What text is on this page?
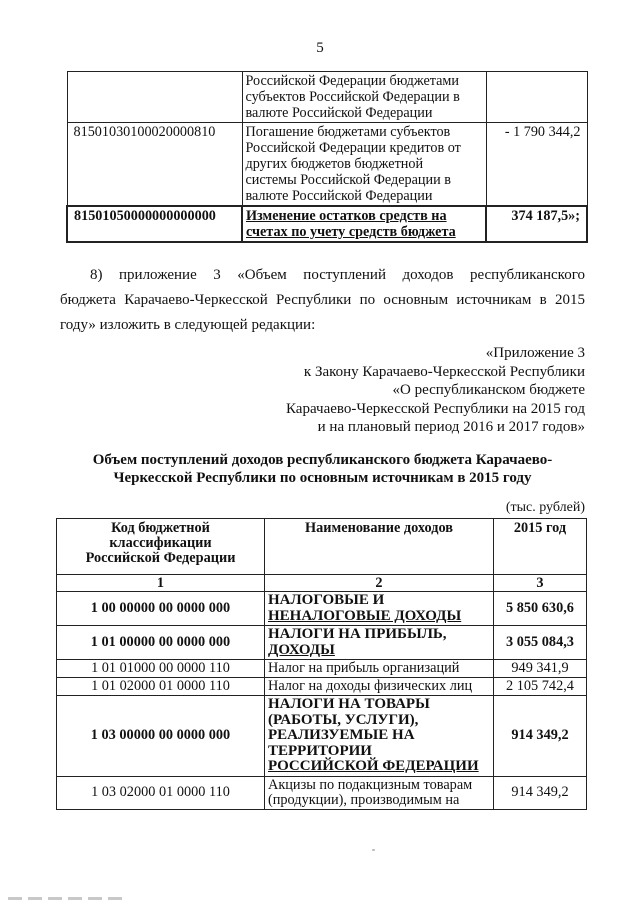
5

	Российской Федерации бюджетами
субъектов Российской Федерации в
валюте Российской Федерации	

81501030100020000810	Погашение бюджетами субъектов
Российской Федерации кредитов от
других бюджетов бюджетной
системы Российской Федерации в
валюте Российской Федерации	- 1 790 344,2
81501050000000000000	Изменение остатков средств на
счетах по учету средств бюджета	374 187,5»;
8) приложение 3 «Объем поступлений доходов республиканского
бюджета Карачаево-Черкесской Республики по основным источникам в 2015
году» изложить в следующей редакции:
«Приложение 3
к Закону Карачаево-Черкесской Республики
«О республиканском бюджете
Карачаево-Черкесской Республики на 2015 год
и на плановый период 2016 и 2017 годов»
Объем поступлений доходов республиканского бюджета Карачаево-
Черкесской Республики по основным источникам в 2015 году
(тыс. рублей)
Код бюджетной
классификации
Российской Федерации	Наименование доходов	2015 год

1	2	3
1 00 00000 00 0000 000	НАЛОГОВЫЕ И
НЕНАЛОГОВЫЕ ДОХОДЫ	5 850 630,6
1 01 00000 00 0000 000	НАЛОГИ НА ПРИБЫЛЬ,
ДОХОДЫ	3 055 084,3
1 01 01000 00 0000 110	Налог на прибыль организаций	949 341,9
1 01 02000 01 0000 110	Налог на доходы физических лиц	2 105 742,4
1 03 00000 00 0000 000	НАЛОГИ НА ТОВАРЫ
(РАБОТЫ, УСЛУГИ),
РЕАЛИЗУЕМЫЕ НА
ТЕРРИТОРИИ
РОССИЙСКОЙ ФЕДЕРАЦИИ	914 349,2
1 03 02000 01 0000 110	Акцизы по подакцизным товарам
(продукции), производимым на	914 349,2
